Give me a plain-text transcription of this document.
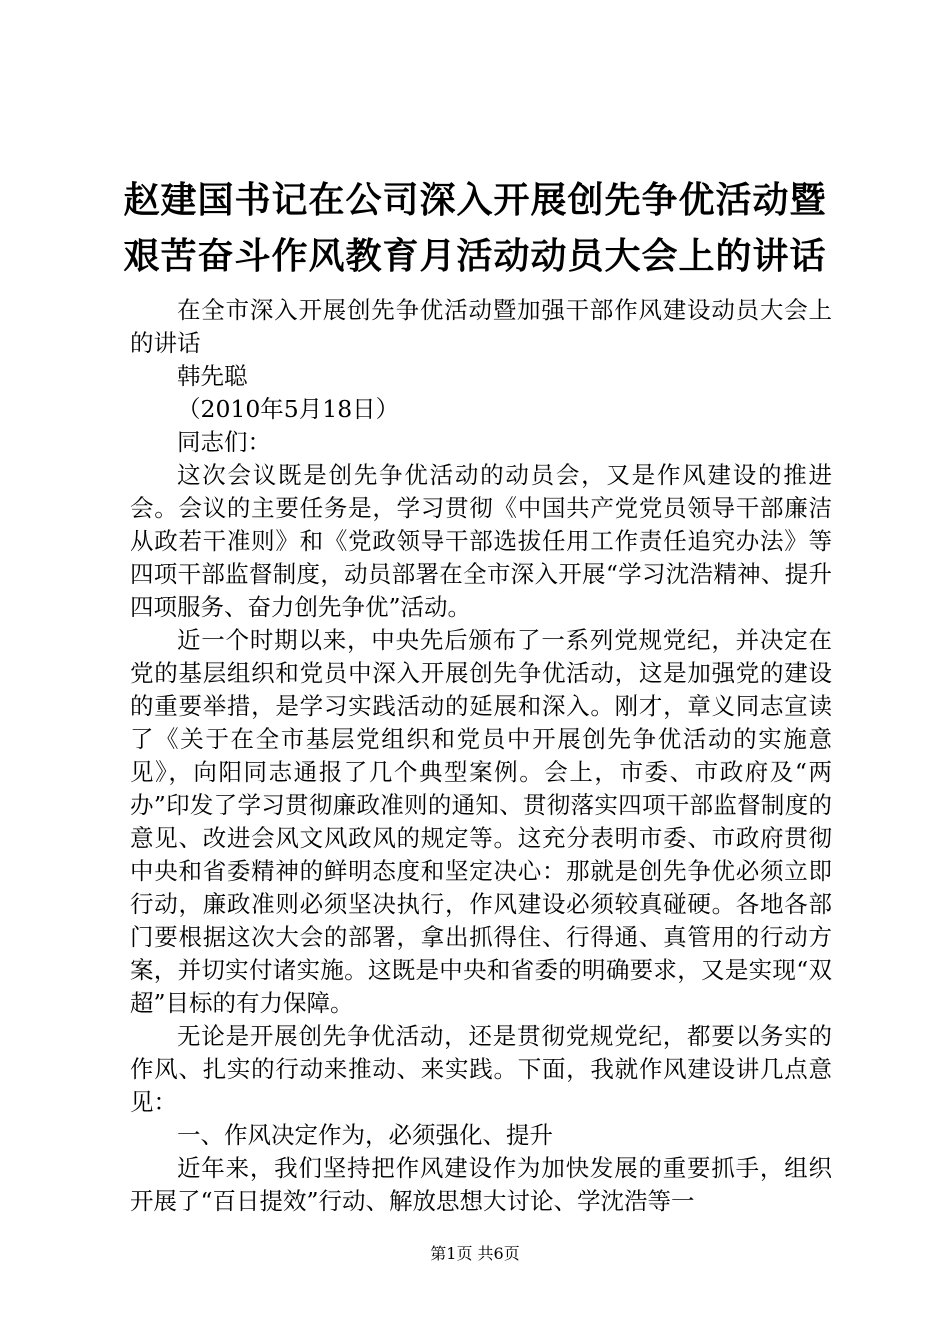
赵建国书记在公司深入开展创先争优活动暨艰苦奋斗作风教育月活动动员大会上的讲话

在全市深入开展创先争优活动暨加强干部作风建设动员大会上的讲话

韩先聪

（2010年5月18日）

同志们：

这次会议既是创先争优活动的动员会，又是作风建设的推进会。会议的主要任务是，学习贯彻《中国共产党党员领导干部廉洁从政若干准则》和《党政领导干部选拔任用工作责任追究办法》等四项干部监督制度，动员部署在全市深入开展“学习沈浩精神、提升四项服务、奋力创先争优”活动。

近一个时期以来，中央先后颁布了一系列党规党纪，并决定在党的基层组织和党员中深入开展创先争优活动，这是加强党的建设的重要举措，是学习实践活动的延展和深入。刚才，章义同志宣读了《关于在全市基层党组织和党员中开展创先争优活动的实施意见》，向阳同志通报了几个典型案例。会上，市委、市政府及“两办”印发了学习贯彻廉政准则的通知、贯彻落实四项干部监督制度的意见、改进会风文风政风的规定等。这充分表明市委、市政府贯彻中央和省委精神的鲜明态度和坚定决心：那就是创先争优必须立即行动，廉政准则必须坚决执行，作风建设必须较真碰硬。各地各部门要根据这次大会的部署，拿出抓得住、行得通、真管用的行动方案，并切实付诸实施。这既是中央和省委的明确要求，又是实现“双超”目标的有力保障。

无论是开展创先争优活动，还是贯彻党规党纪，都要以务实的作风、扎实的行动来推动、来实践。下面，我就作风建设讲几点意见：

一、作风决定作为，必须强化、提升

近年来，我们坚持把作风建设作为加快发展的重要抓手，组织开展了“百日提效”行动、解放思想大讨论、学沈浩等一

第1页 共6页
